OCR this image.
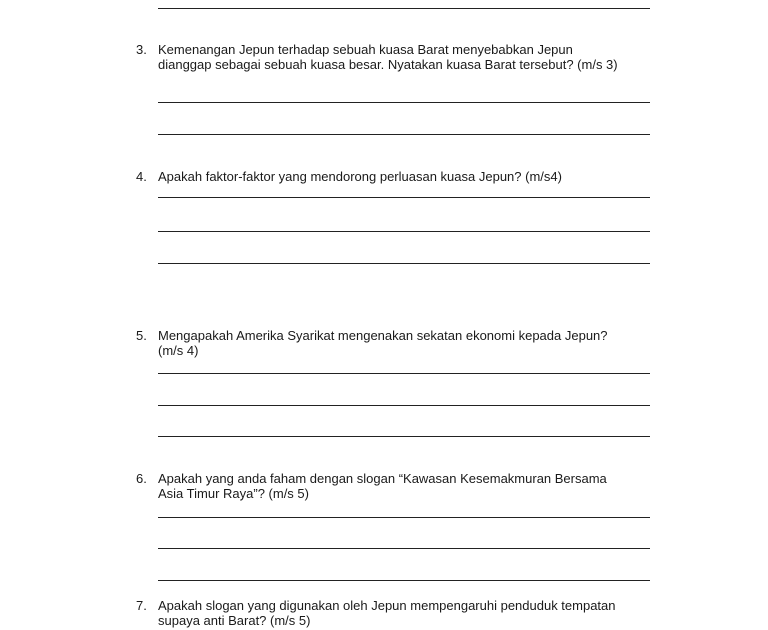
3. Kemenangan Jepun terhadap sebuah kuasa Barat menyebabkan Jepun
dianggap sebagai sebuah kuasa besar. Nyatakan kuasa Barat tersebut? (m/s 3)
4. Apakah faktor-faktor yang mendorong perluasan kuasa Jepun? (m/s4)
5. Mengapakah Amerika Syarikat mengenakan sekatan ekonomi kepada Jepun?
(m/s 4)
6. Apakah yang anda faham dengan slogan “Kawasan Kesemakmuran Bersama
Asia Timur Raya”? (m/s 5)
7. Apakah slogan yang digunakan oleh Jepun mempengaruhi penduduk tempatan
supaya anti Barat? (m/s 5)
